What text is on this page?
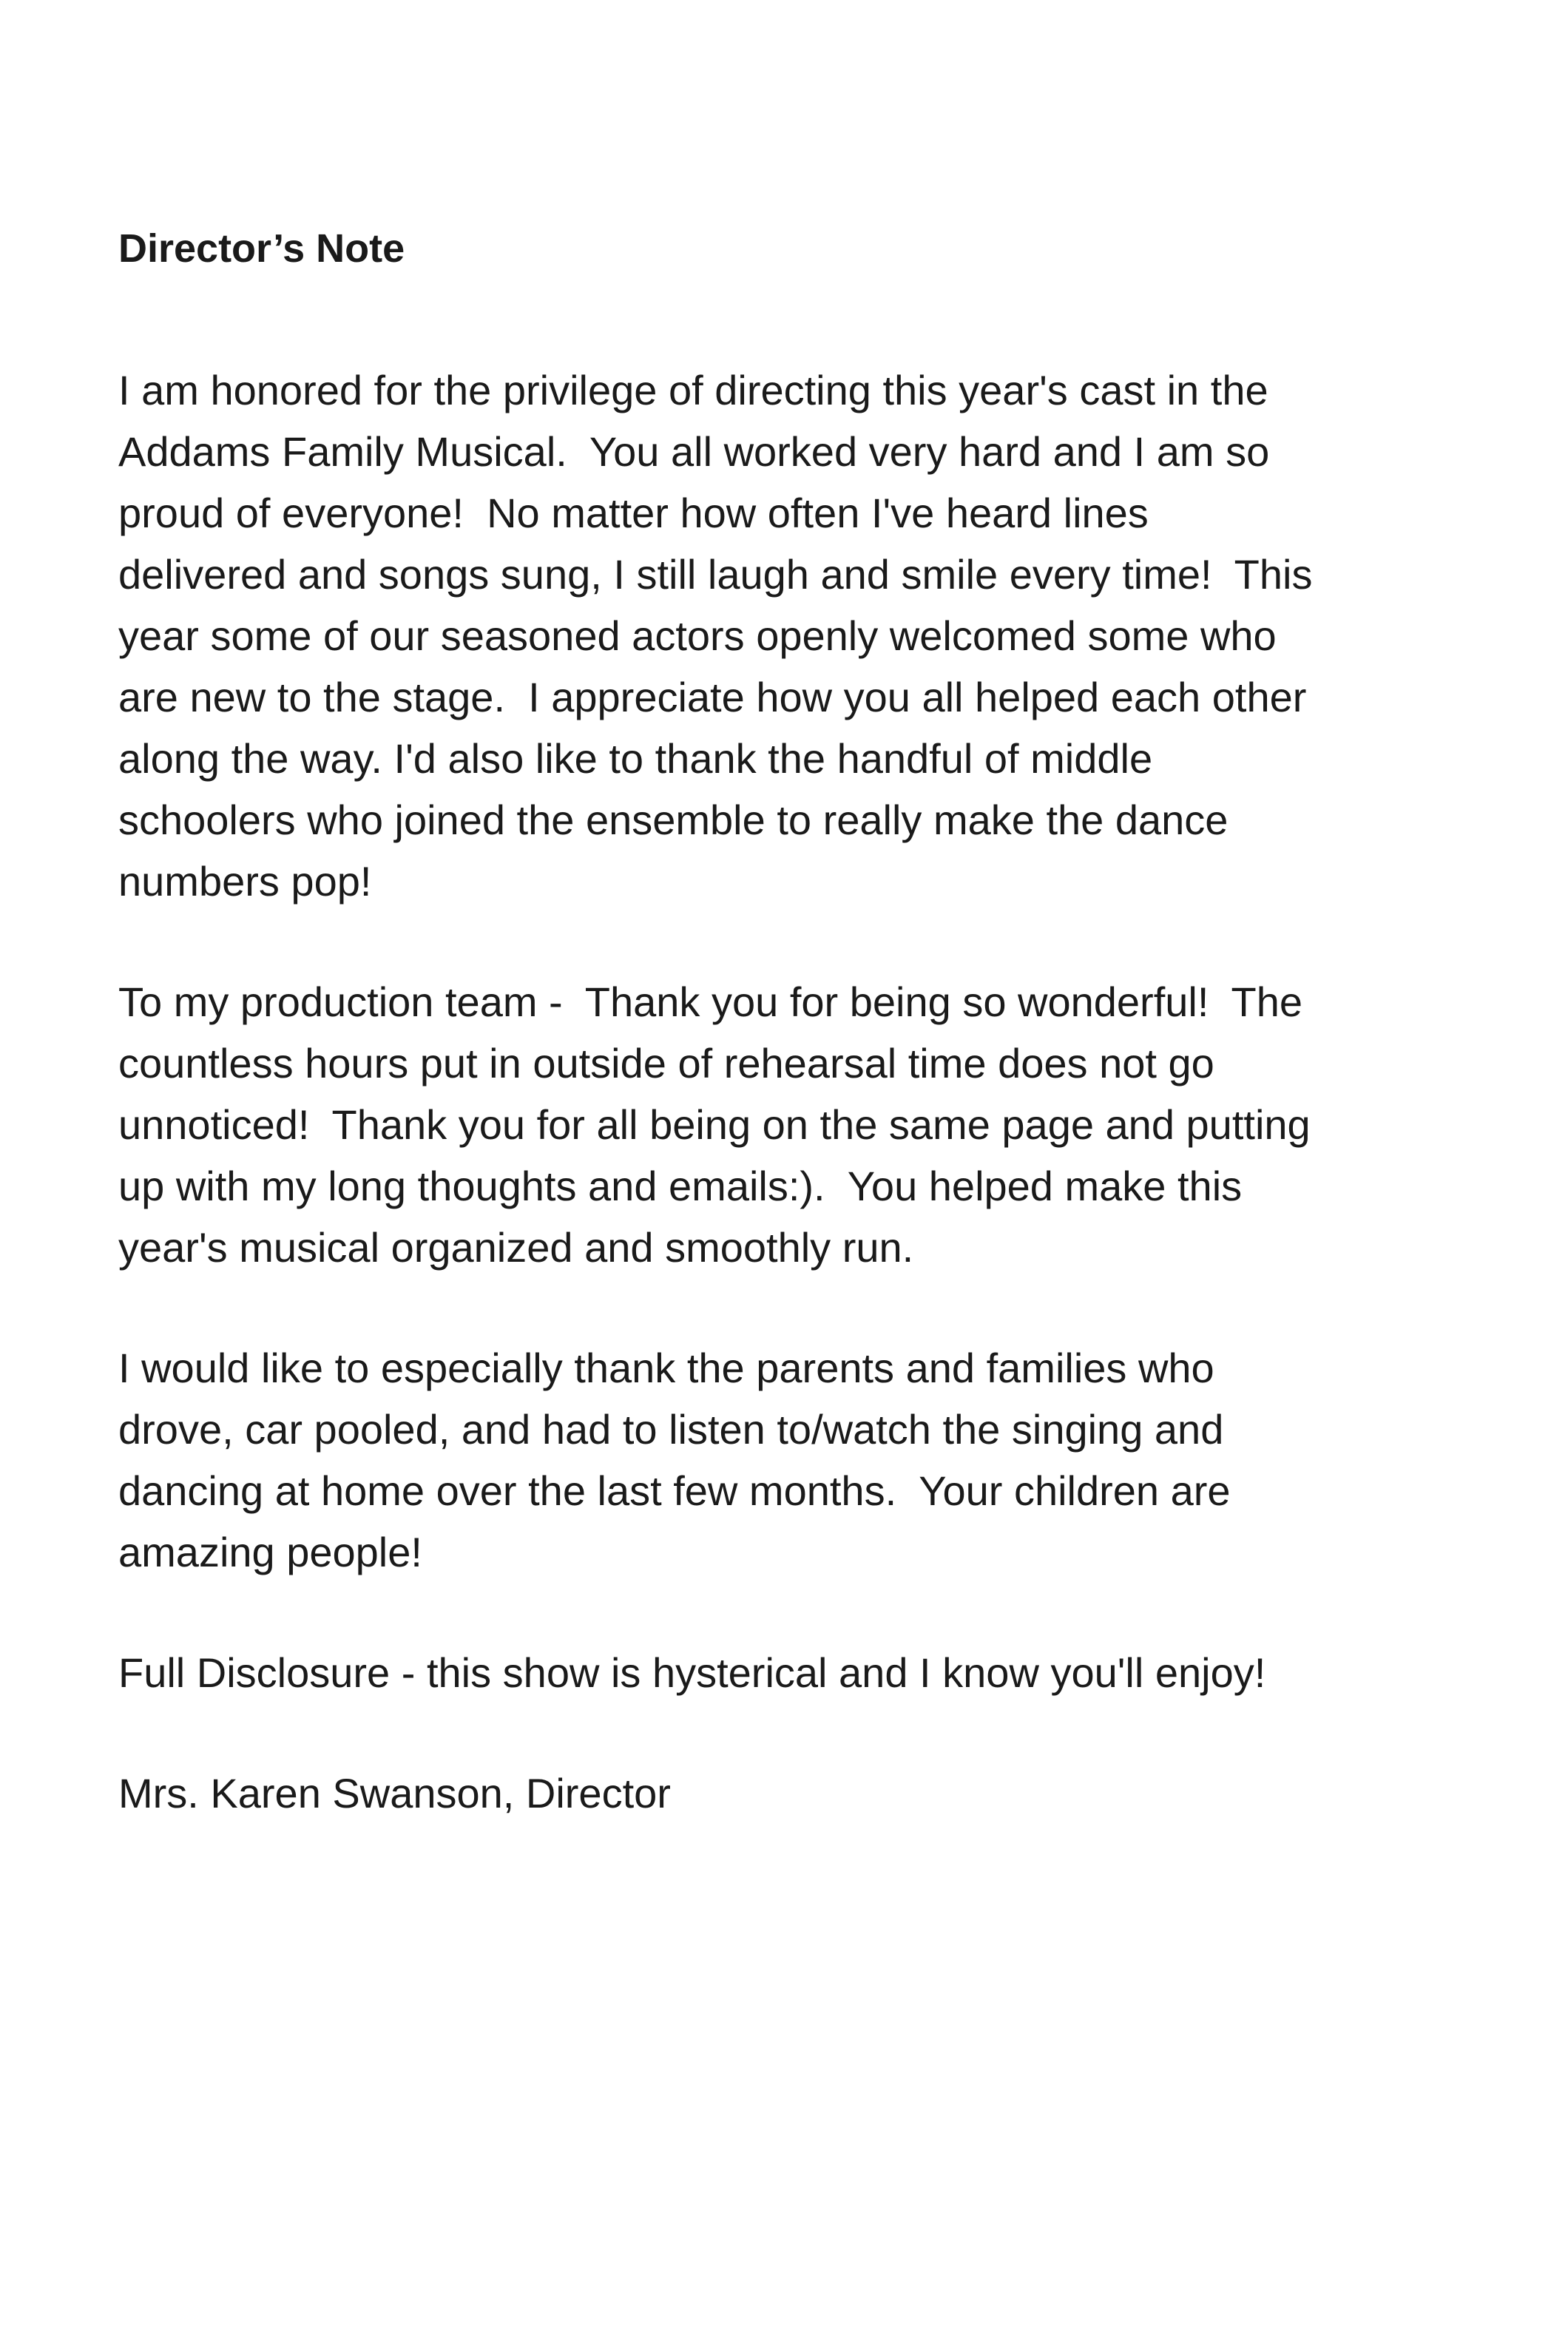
Director’s Note
I am honored for the privilege of directing this year's cast in the
Addams Family Musical.  You all worked very hard and I am so
proud of everyone!  No matter how often I've heard lines
delivered and songs sung, I still laugh and smile every time!  This
year some of our seasoned actors openly welcomed some who
are new to the stage.  I appreciate how you all helped each other
along the way. I'd also like to thank the handful of middle
schoolers who joined the ensemble to really make the dance
numbers pop!
To my production team -  Thank you for being so wonderful!  The
countless hours put in outside of rehearsal time does not go
unnoticed!  Thank you for all being on the same page and putting
up with my long thoughts and emails:).  You helped make this
year's musical organized and smoothly run.
I would like to especially thank the parents and families who
drove, car pooled, and had to listen to/watch the singing and
dancing at home over the last few months.  Your children are
amazing people!
Full Disclosure - this show is hysterical and I know you'll enjoy!
Mrs. Karen Swanson, Director
